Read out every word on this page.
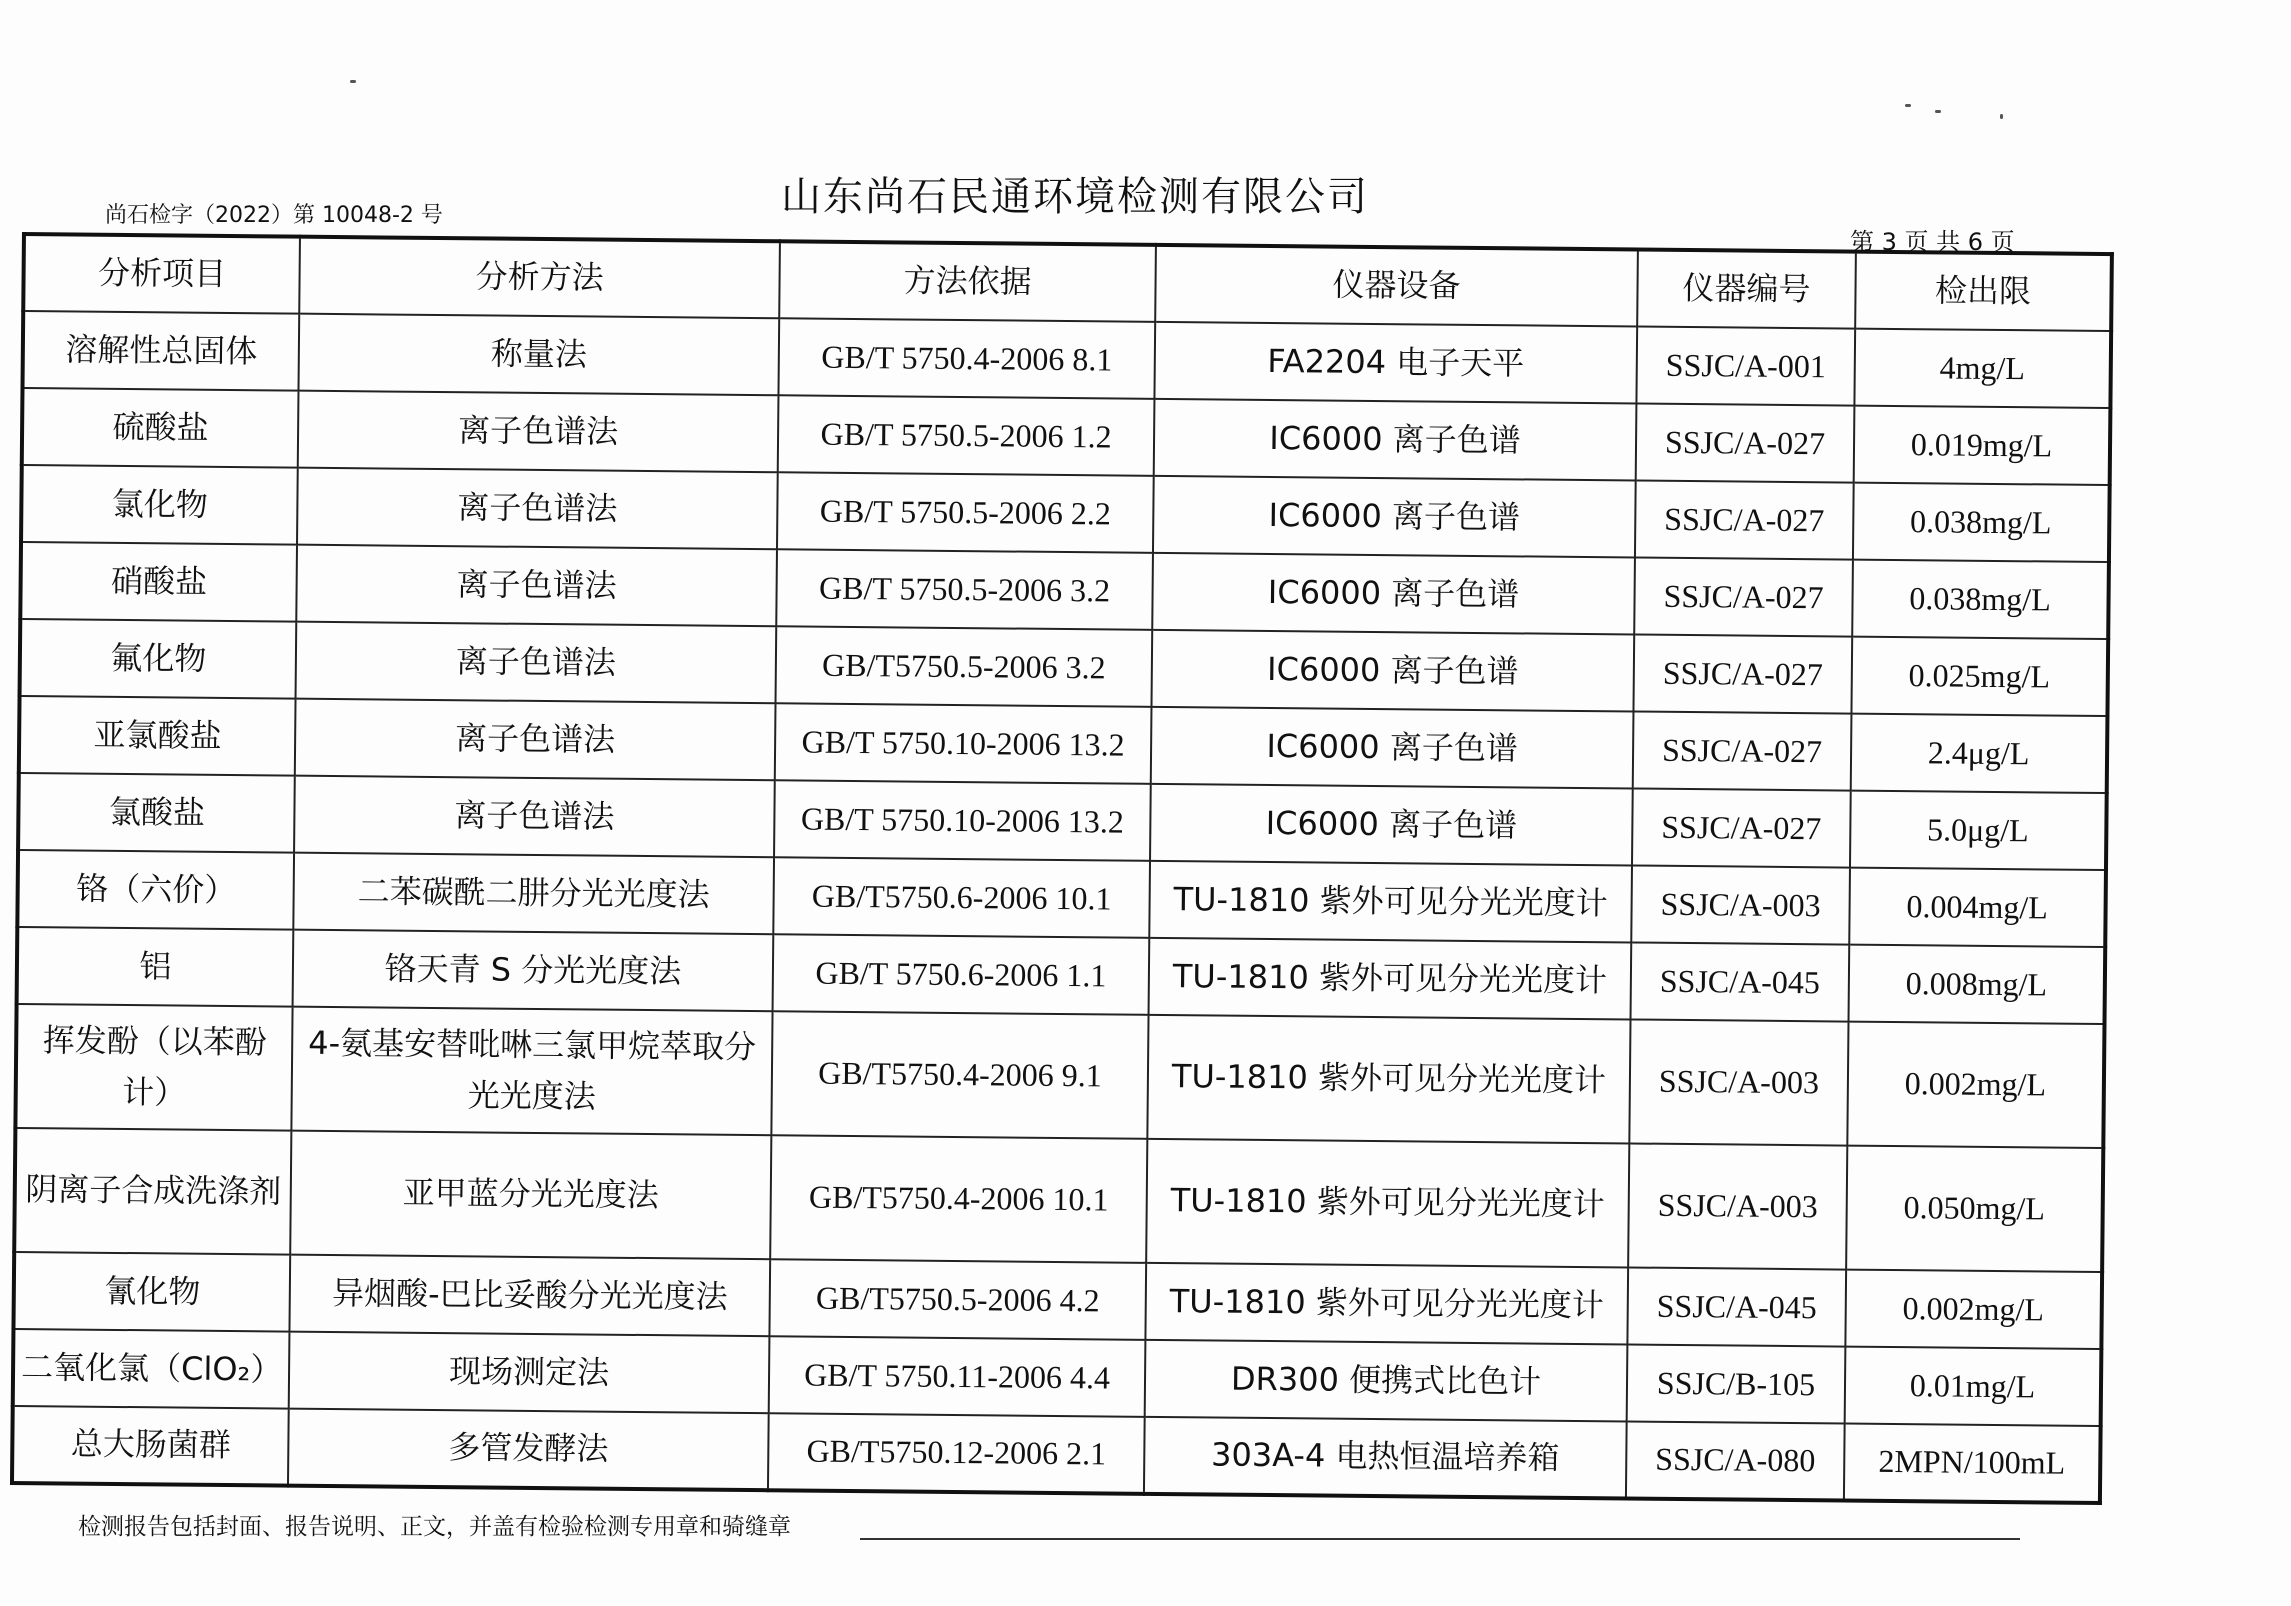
山东尚石民通环境检测有限公司
尚石检字（2022）第 10048-2 号
第 3 页 共 6 页
分析项目	分析方法	方法依据	仪器设备	仪器编号	检出限
溶解性总固体	称量法	GB/T 5750.4-2006 8.1	FA2204 电子天平	SSJC/A-001	4mg/L
硫酸盐	离子色谱法	GB/T 5750.5-2006 1.2	IC6000 离子色谱	SSJC/A-027	0.019mg/L
氯化物	离子色谱法	GB/T 5750.5-2006 2.2	IC6000 离子色谱	SSJC/A-027	0.038mg/L
硝酸盐	离子色谱法	GB/T 5750.5-2006 3.2	IC6000 离子色谱	SSJC/A-027	0.038mg/L
氟化物	离子色谱法	GB/T5750.5-2006 3.2	IC6000 离子色谱	SSJC/A-027	0.025mg/L
亚氯酸盐	离子色谱法	GB/T 5750.10-2006 13.2	IC6000 离子色谱	SSJC/A-027	2.4μg/L
氯酸盐	离子色谱法	GB/T 5750.10-2006 13.2	IC6000 离子色谱	SSJC/A-027	5.0μg/L
铬（六价）	二苯碳酰二肼分光光度法	GB/T5750.6-2006 10.1	TU-1810 紫外可见分光光度计	SSJC/A-003	0.004mg/L
铝	铬天青 S 分光光度法	GB/T 5750.6-2006 1.1	TU-1810 紫外可见分光光度计	SSJC/A-045	0.008mg/L
挥发酚（以苯酚计）	4-氨基安替吡啉三氯甲烷萃取分光光度法	GB/T5750.4-2006 9.1	TU-1810 紫外可见分光光度计	SSJC/A-003	0.002mg/L
阴离子合成洗涤剂	亚甲蓝分光光度法	GB/T5750.4-2006 10.1	TU-1810 紫外可见分光光度计	SSJC/A-003	0.050mg/L
氰化物	异烟酸-巴比妥酸分光光度法	GB/T5750.5-2006 4.2	TU-1810 紫外可见分光光度计	SSJC/A-045	0.002mg/L
二氧化氯（ClO₂）	现场测定法	GB/T 5750.11-2006 4.4	DR300 便携式比色计	SSJC/B-105	0.01mg/L
总大肠菌群	多管发酵法	GB/T5750.12-2006 2.1	303A-4 电热恒温培养箱	SSJC/A-080	2MPN/100mL
检测报告包括封面、报告说明、正文，并盖有检验检测专用章和骑缝章
